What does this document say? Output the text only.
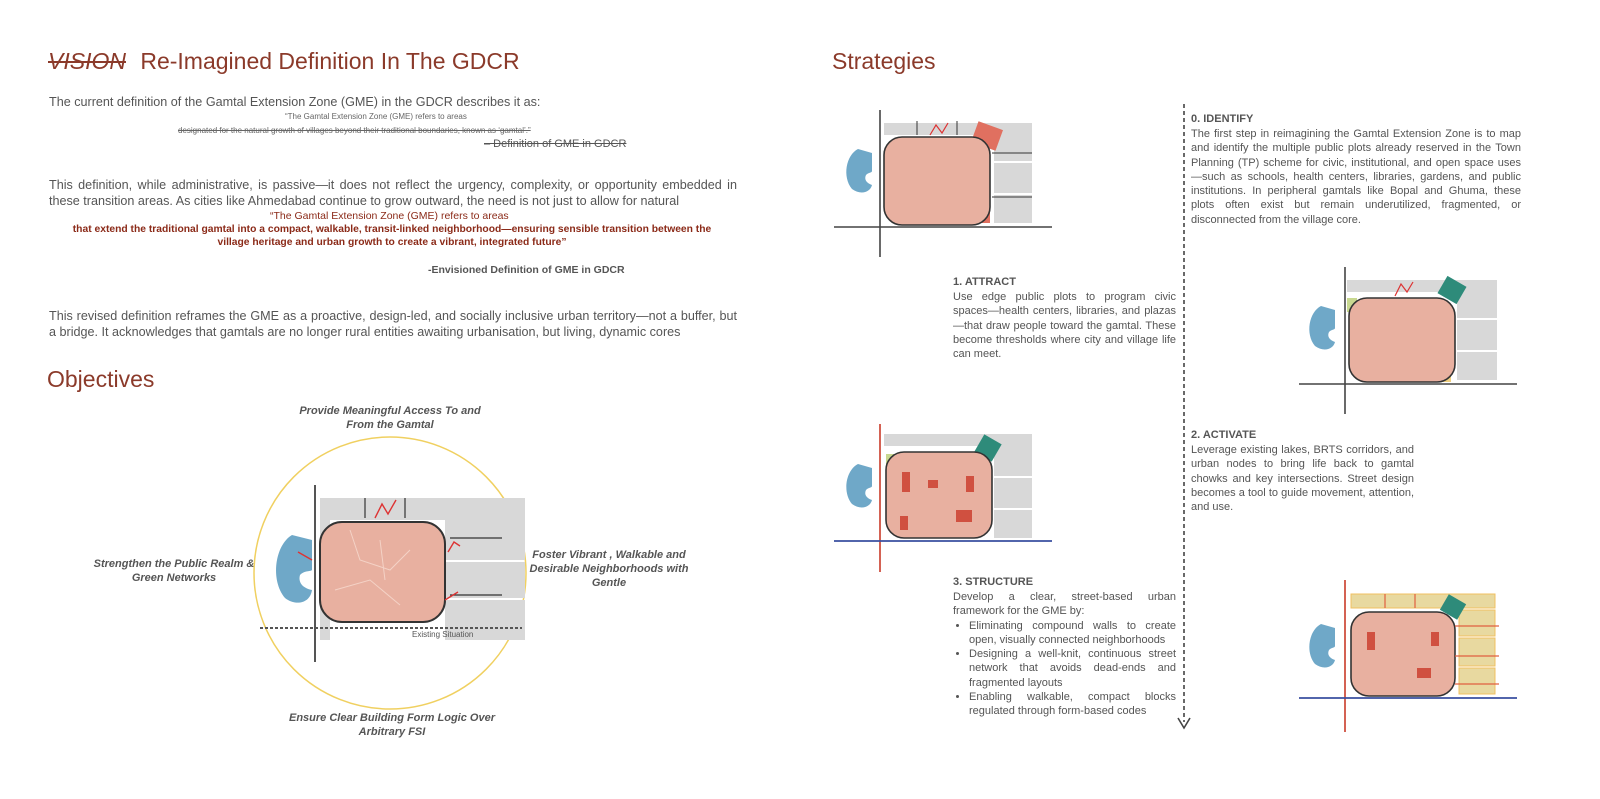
VISION Re-Imagined Definition In The GDCR
The current definition of the Gamtal Extension Zone (GME) in the GDCR describes it as:
“The Gamtal Extension Zone (GME) refers to areas
designated for the natural growth of villages beyond their traditional boundaries, known as ‘gamtal’.”
– Definition of GME in GDCR
This definition, while administrative, is passive—it does not reflect the urgency, complexity, or opportunity embedded in these transition areas. As cities like Ahmedabad continue to grow outward, the need is not just to allow for natural
“The Gamtal Extension Zone (GME) refers to areas
that extend the traditional gamtal into a compact, walkable, transit-linked neighborhood—ensuring sensible transition between the
village heritage and urban growth to create a vibrant, integrated future”
-Envisioned Definition of GME in GDCR
This revised definition reframes the GME as a proactive, design-led, and socially inclusive urban territory—not a buffer, but a bridge. It acknowledges that gamtals are no longer rural entities awaiting urbanisation, but living, dynamic cores
Objectives
Provide Meaningful Access To and From the Gamtal
Strengthen the Public Realm & Green Networks
Foster Vibrant , Walkable and Desirable Neighborhoods with Gentle
Ensure Clear Building Form Logic Over Arbitrary FSI
Existing Situation
Strategies
0. IDENTIFY
The first step in reimagining the Gamtal Extension Zone is to map and identify the multiple public plots already reserved in the Town Planning (TP) scheme for civic, institutional, and open space uses—such as schools, health centers, libraries, gardens, and public institutions. In peripheral gamtals like Bopal and Ghuma, these plots often exist but remain underutilized, fragmented, or disconnected from the village core.
1. ATTRACT
Use edge public plots to program civic spaces—health centers, libraries, and plazas—that draw people toward the gamtal. These become thresholds where city and village life can meet.
2. ACTIVATE
Leverage existing lakes, BRTS corridors, and urban nodes to bring life back to gamtal chowks and key intersections. Street design becomes a tool to guide movement, attention, and use.
3. STRUCTURE
Develop a clear, street-based urban framework for the GME by:
• Eliminating compound walls to create open, visually connected neighborhoods
• Designing a well-knit, continuous street network that avoids dead-ends and fragmented layouts
• Enabling walkable, compact blocks regulated through form-based codes
